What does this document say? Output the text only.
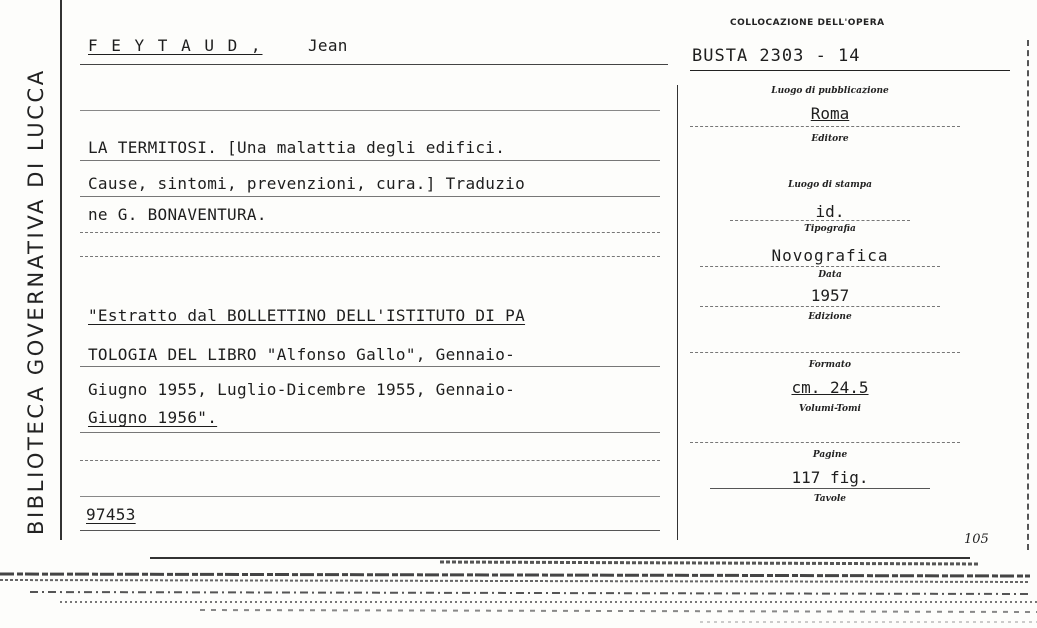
BIBLIOTECA GOVERNATIVA DI LUCCA
F E Y T A U D ,	Jean
LA TERMITOSI. [Una malattia degli edifici.
Cause, sintomi, prevenzioni, cura.] Traduzio
ne G. BONAVENTURA.
"Estratto dal BOLLETTINO DELL'ISTITUTO DI PA
TOLOGIA DEL LIBRO "Alfonso Gallo", Gennaio-
Giugno 1955, Luglio-Dicembre 1955, Gennaio-
Giugno 1956".
97453
COLLOCAZIONE DELL'OPERA
BUSTA 2303 - 14
Luogo di pubblicazione
Roma
Editore
Luogo di stampa
id.
Tipografia
Novografica
Data
1957
Edizione
Formato
cm. 24.5
Volumi-Tomi
Pagine
117 fig.
Tavole
105
